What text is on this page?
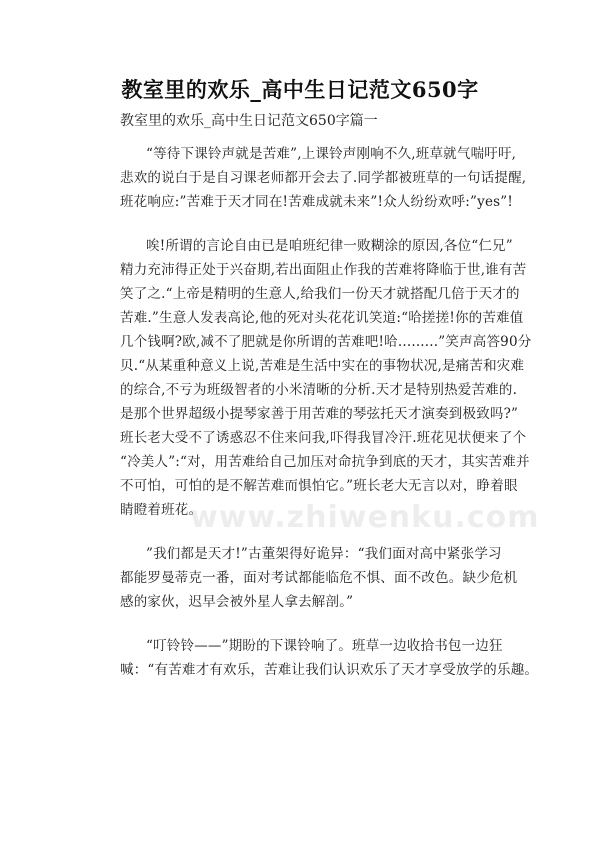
教室里的欢乐_高中生日记范文650字
教室里的欢乐_高中生日记范文650字篇一
“等待下课铃声就是苦难”,上课铃声刚响不久,班草就气喘吁吁,
悲欢的说白于是自习课老师都开会去了.同学都被班草的一句话提醒,
班花响应:”苦难于天才同在!苦难成就未来”!众人纷纷欢呼:”yes”!
唉!所谓的言论自由已是咱班纪律一败糊涂的原因,各位“仁兄”
精力充沛得正处于兴奋期,若出面阻止作我的苦难将降临于世,谁有苦
笑了之.“上帝是精明的生意人,给我们一份天才就搭配几倍于天才的
苦难.”生意人发表高论,他的死对头花花讥笑道:“哈搓搓!你的苦难值
几个钱啊?欧,减不了肥就是你所谓的苦难吧!哈.........”笑声高答90分
贝.“从某重种意义上说,苦难是生活中实在的事物状况,是痛苦和灾难
的综合,不亏为班级智者的小米清晰的分析.天才是特别热爱苦难的.
是那个世界超级小提琴家善于用苦难的琴弦托天才演奏到极致吗?”
班长老大受不了诱惑忍不住来问我,吓得我冒冷汗.班花见状便来了个
“冷美人”:“对，用苦难给自己加压对命抗争到底的天才，其实苦难并
不可怕，可怕的是不解苦难而惧怕它。”班长老大无言以对，睁着眼
睛瞪着班花。
”我们都是天才!”古董架得好诡异：“我们面对高中紧张学习
都能罗曼蒂克一番，面对考试都能临危不惧、面不改色。缺少危机
感的家伙，迟早会被外星人拿去解剖。”
“叮铃铃——”期盼的下课铃响了。班草一边收拾书包一边狂
喊：“有苦难才有欢乐，苦难让我们认识欢乐了天才享受放学的乐趣。
www.zhiwenku.com
